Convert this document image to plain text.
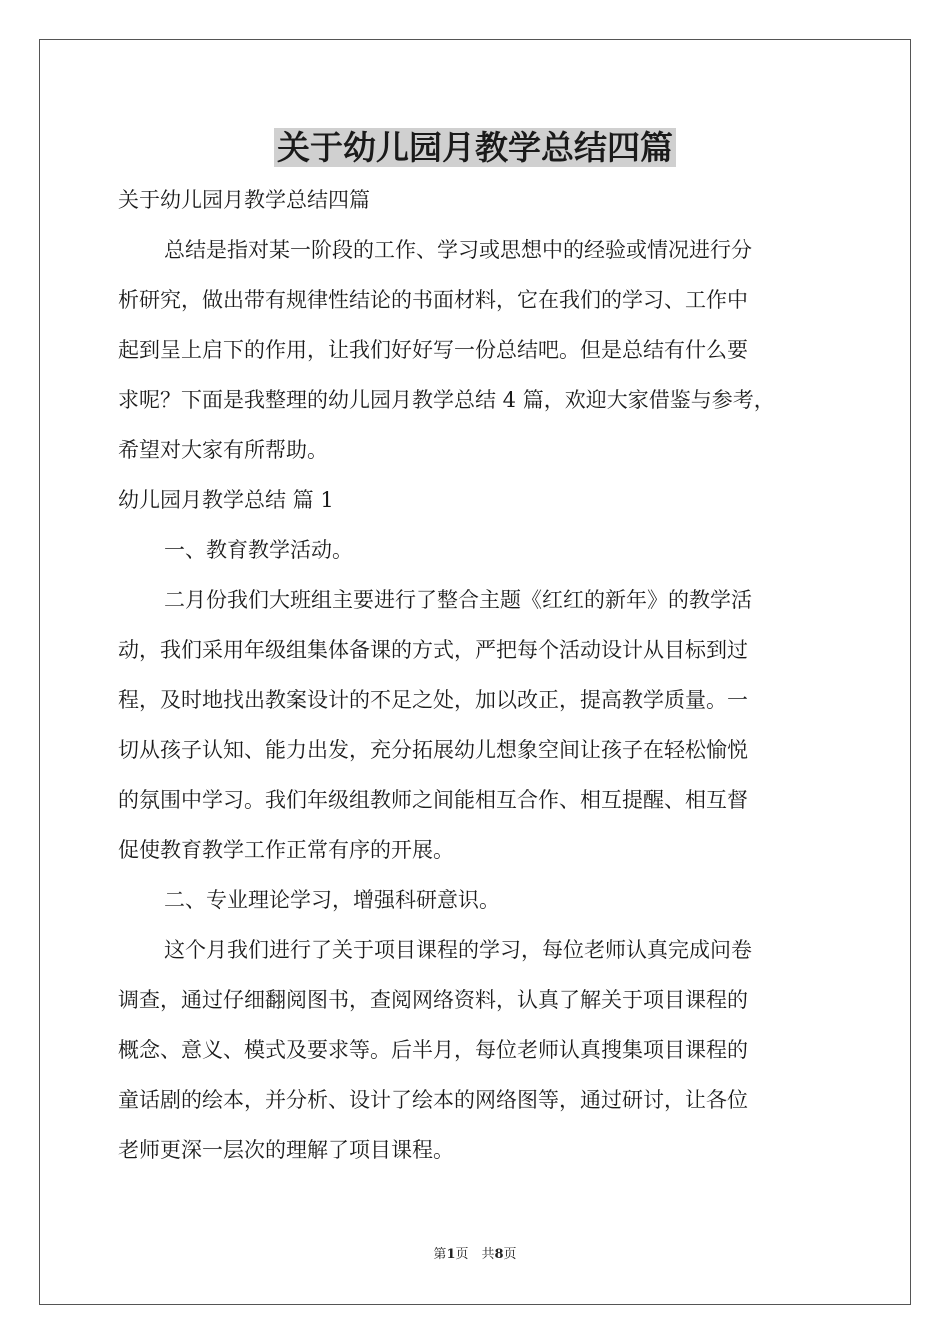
关于幼儿园月教学总结四篇
关于幼儿园月教学总结四篇
总结是指对某一阶段的工作、学习或思想中的经验或情况进行分
析研究，做出带有规律性结论的书面材料，它在我们的学习、工作中
起到呈上启下的作用，让我们好好写一份总结吧。但是总结有什么要
求呢？下面是我整理的幼儿园月教学总结 4 篇，欢迎大家借鉴与参考，
希望对大家有所帮助。
幼儿园月教学总结 篇 1
一、教育教学活动。
二月份我们大班组主要进行了整合主题《红红的新年》的教学活
动，我们采用年级组集体备课的方式，严把每个活动设计从目标到过
程，及时地找出教案设计的不足之处，加以改正，提高教学质量。一
切从孩子认知、能力出发，充分拓展幼儿想象空间让孩子在轻松愉悦
的氛围中学习。我们年级组教师之间能相互合作、相互提醒、相互督
促使教育教学工作正常有序的开展。
二、专业理论学习，增强科研意识。
这个月我们进行了关于项目课程的学习，每位老师认真完成问卷
调查，通过仔细翻阅图书，查阅网络资料，认真了解关于项目课程的
概念、意义、模式及要求等。后半月，每位老师认真搜集项目课程的
童话剧的绘本，并分析、设计了绘本的网络图等，通过研讨，让各位
老师更深一层次的理解了项目课程。
第1页　共8页
